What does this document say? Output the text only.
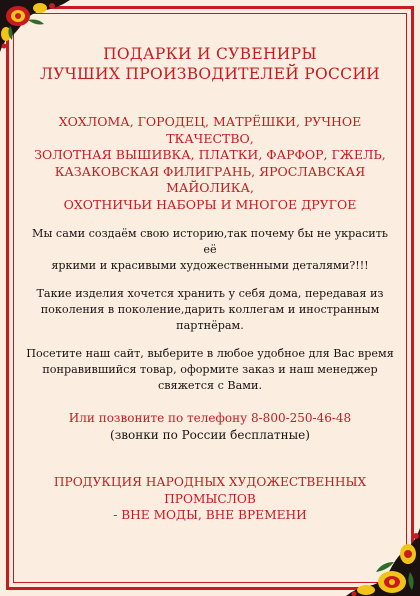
ПОДАРКИ И СУВЕНИРЫ
ЛУЧШИХ ПРОИЗВОДИТЕЛЕЙ РОССИИ
ХОХЛОМА, ГОРОДЕЦ, МАТРЁШКИ, РУЧНОЕ ТКАЧЕСТВО,
ЗОЛОТНАЯ ВЫШИВКА, ПЛАТКИ, ФАРФОР, ГЖЕЛЬ,
КАЗАКОВСКАЯ ФИЛИГРАНЬ, ЯРОСЛАВСКАЯ МАЙОЛИКА,
ОХОТНИЧЬИ НАБОРЫ И МНОГОЕ ДРУГОЕ
Мы сами создаём свою историю,так почему бы не украсить её
яркими и красивыми художественными деталями?!!!
Такие изделия хочется хранить у себя дома, передавая из
поколения в поколение,дарить коллегам и иностранным партнёрам.
Посетите наш сайт, выберите в любое удобное для Вас время
понравившийся товар, оформите заказ и наш менеджер
свяжется с Вами.
Или позвоните по телефону 8-800-250-46-48
(звонки по России бесплатные)
ПРОДУКЦИЯ НАРОДНЫХ ХУДОЖЕСТВЕННЫХ ПРОМЫСЛОВ
- ВНЕ МОДЫ, ВНЕ ВРЕМЕНИ
